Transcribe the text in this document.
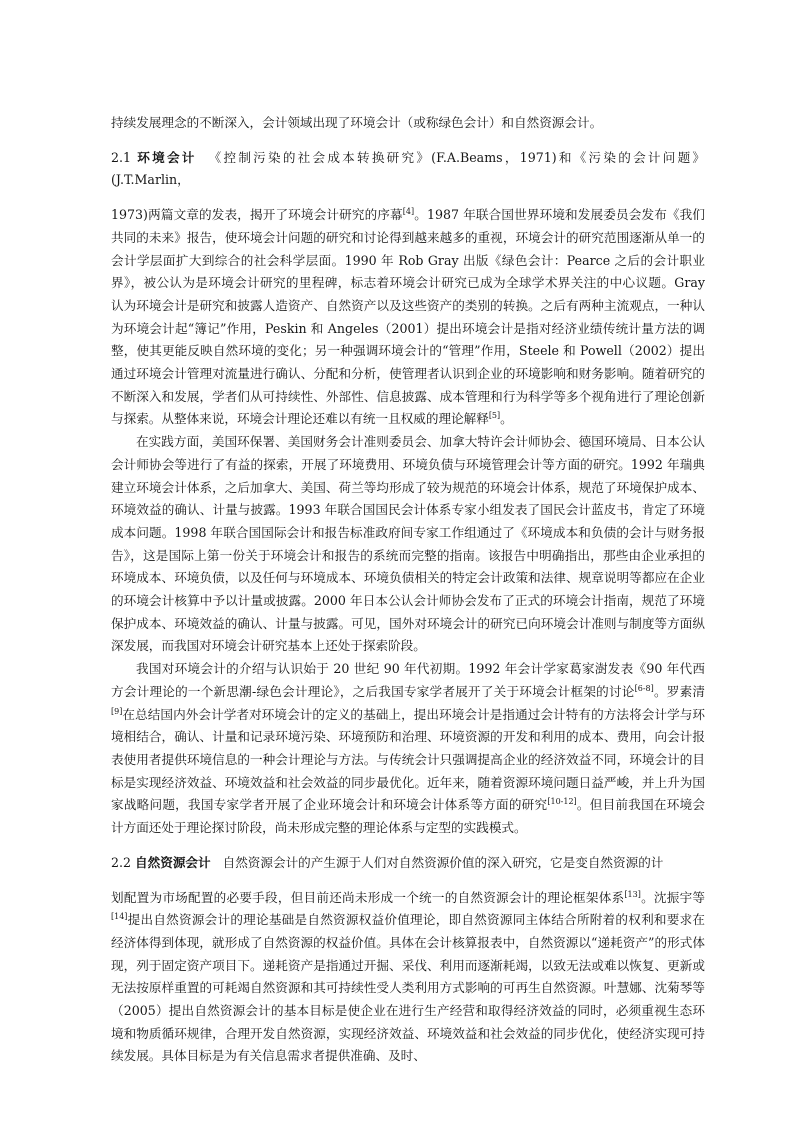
持续发展理念的不断深入，会计领域出现了环境会计（或称绿色会计）和自然资源会计。

2.1 环境会计 《控制污染的社会成本转换研究》(F.A.Beams，1971)和《污染的会计问题》(J.T.Marlin，

1973)两篇文章的发表，揭开了环境会计研究的序幕[4]。1987 年联合国世界环境和发展委员会发布《我们共同的未来》报告，使环境会计问题的研究和讨论得到越来越多的重视，环境会计的研究范围逐渐从单一的会计学层面扩大到综合的社会科学层面。1990 年 Rob Gray 出版《绿色会计：Pearce 之后的会计职业界》，被公认为是环境会计研究的里程碑，标志着环境会计研究已成为全球学术界关注的中心议题。Gray 认为环境会计是研究和披露人造资产、自然资产以及这些资产的类别的转换。之后有两种主流观点，一种认为环境会计起“簿记”作用，Peskin 和 Angeles（2001）提出环境会计是指对经济业绩传统计量方法的调整，使其更能反映自然环境的变化；另一种强调环境会计的“管理”作用，Steele 和 Powell（2002）提出通过环境会计管理对流量进行确认、分配和分析，使管理者认识到企业的环境影响和财务影响。随着研究的不断深入和发展，学者们从可持续性、外部性、信息披露、成本管理和行为科学等多个视角进行了理论创新与探索。从整体来说，环境会计理论还难以有统一且权威的理论解释[5]。

在实践方面，美国环保署、美国财务会计准则委员会、加拿大特许会计师协会、德国环境局、日本公认会计师协会等进行了有益的探索，开展了环境费用、环境负债与环境管理会计等方面的研究。1992 年瑞典建立环境会计体系，之后加拿大、美国、荷兰等均形成了较为规范的环境会计体系，规范了环境保护成本、环境效益的确认、计量与披露。1993 年联合国国民会计体系专家小组发表了国民会计蓝皮书，肯定了环境成本问题。1998 年联合国国际会计和报告标准政府间专家工作组通过了《环境成本和负债的会计与财务报告》，这是国际上第一份关于环境会计和报告的系统而完整的指南。该报告中明确指出，那些由企业承担的环境成本、环境负债，以及任何与环境成本、环境负债相关的特定会计政策和法律、规章说明等都应在企业的环境会计核算中予以计量或披露。2000 年日本公认会计师协会发布了正式的环境会计指南，规范了环境保护成本、环境效益的确认、计量与披露。可见，国外对环境会计的研究已向环境会计准则与制度等方面纵深发展，而我国对环境会计研究基本上还处于探索阶段。

我国对环境会计的介绍与认识始于 20 世纪 90 年代初期。1992 年会计学家葛家澍发表《90 年代西方会计理论的一个新思潮-绿色会计理论》，之后我国专家学者展开了关于环境会计框架的讨论[6-8]。罗素清[9]在总结国内外会计学者对环境会计的定义的基础上，提出环境会计是指通过会计特有的方法将会计学与环境相结合，确认、计量和记录环境污染、环境预防和治理、环境资源的开发和利用的成本、费用，向会计报表使用者提供环境信息的一种会计理论与方法。与传统会计只强调提高企业的经济效益不同，环境会计的目标是实现经济效益、环境效益和社会效益的同步最优化。近年来，随着资源环境问题日益严峻，并上升为国家战略问题，我国专家学者开展了企业环境会计和环境会计体系等方面的研究[10-12]。但目前我国在环境会计方面还处于理论探讨阶段，尚未形成完整的理论体系与定型的实践模式。

2.2 自然资源会计 自然资源会计的产生源于人们对自然资源价值的深入研究，它是变自然资源的计

划配置为市场配置的必要手段，但目前还尚未形成一个统一的自然资源会计的理论框架体系[13]。沈振宇等[14]提出自然资源会计的理论基础是自然资源权益价值理论，即自然资源同主体结合所附着的权利和要求在经济体得到体现，就形成了自然资源的权益价值。具体在会计核算报表中，自然资源以“递耗资产”的形式体现，列于固定资产项目下。递耗资产是指通过开掘、采伐、利用而逐渐耗竭，以致无法或难以恢复、更新或无法按原样重置的可耗竭自然资源和其可持续性受人类利用方式影响的可再生自然资源。叶慧娜、沈菊琴等（2005）提出自然资源会计的基本目标是使企业在进行生产经营和取得经济效益的同时，必须重视生态环境和物质循环规律，合理开发自然资源，实现经济效益、环境效益和社会效益的同步优化，使经济实现可持续发展。具体目标是为有关信息需求者提供准确、及时、
